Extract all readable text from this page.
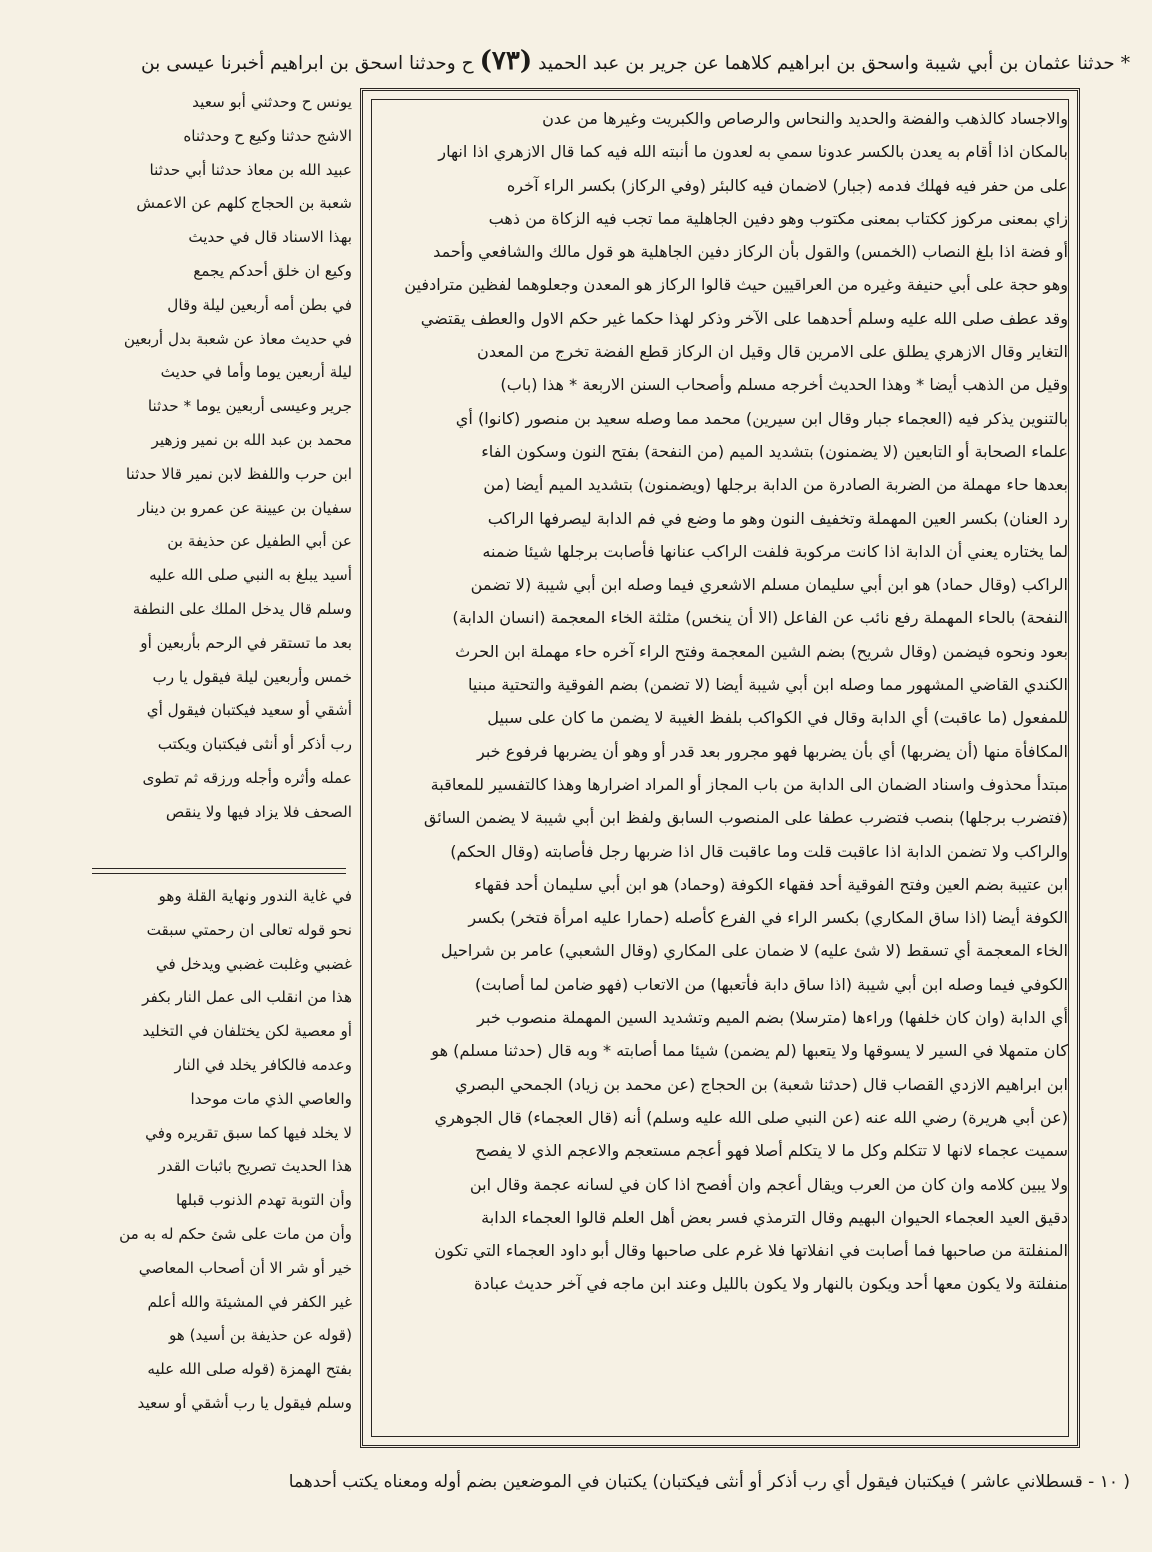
* حدثنا عثمان بن أبي شيبة واسحق بن ابراهيم كلاهما عن جرير بن عبد الحميد (٧٣) ح وحدثنا اسحق بن ابراهيم أخبرنا عيسى بن
والاجساد كالذهب والفضة والحديد والنحاس والرصاص والكبريت وغيرها من عدن
بالمكان اذا أقام به يعدن بالكسر عدونا سمي به لعدون ما أنبته الله فيه كما قال الازهري اذا انهار
على من حفر فيه فهلك فدمه (جبار) لاضمان فيه كالبئر (وفي الركاز) بكسر الراء آخره
زاي بمعنى مركوز ككتاب بمعنى مكتوب وهو دفين الجاهلية مما تجب فيه الزكاة من ذهب
أو فضة اذا بلغ النصاب (الخمس) والقول بأن الركاز دفين الجاهلية هو قول مالك والشافعي وأحمد
وهو حجة على أبي حنيفة وغيره من العراقيين حيث قالوا الركاز هو المعدن وجعلوهما لفظين مترادفين
وقد عطف صلى الله عليه وسلم أحدهما على الآخر وذكر لهذا حكما غير حكم الاول والعطف يقتضي
التغاير وقال الازهري يطلق على الامرين قال وقيل ان الركاز قطع الفضة تخرج من المعدن
وقيل من الذهب أيضا * وهذا الحديث أخرجه مسلم وأصحاب السنن الاربعة * هذا (باب)
بالتنوين يذكر فيه (العجماء جبار وقال ابن سيرين) محمد مما وصله سعيد بن منصور (كانوا) أي
علماء الصحابة أو التابعين (لا يضمنون) بتشديد الميم (من النفحة) بفتح النون وسكون الفاء
بعدها حاء مهملة من الضربة الصادرة من الدابة برجلها (ويضمنون) بتشديد الميم أيضا (من
رد العنان) بكسر العين المهملة وتخفيف النون وهو ما وضع في فم الدابة ليصرفها الراكب
لما يختاره يعني أن الدابة اذا كانت مركوبة فلفت الراكب عنانها فأصابت برجلها شيئا ضمنه
الراكب (وقال حماد) هو ابن أبي سليمان مسلم الاشعري فيما وصله ابن أبي شيبة (لا تضمن
النفحة) بالحاء المهملة رفع نائب عن الفاعل (الا أن ينخس) مثلثة الخاء المعجمة (انسان الدابة)
بعود ونحوه فيضمن (وقال شريح) بضم الشين المعجمة وفتح الراء آخره حاء مهملة ابن الحرث
الكندي القاضي المشهور مما وصله ابن أبي شيبة أيضا (لا تضمن) بضم الفوقية والتحتية مبنيا
للمفعول (ما عاقبت) أي الدابة وقال في الكواكب بلفظ الغيبة لا يضمن ما كان على سبيل
المكافأة منها (أن يضربها) أي بأن يضربها فهو مجرور بعد قدر أو وهو أن يضربها فرفوع خبر
مبتدأ محذوف واسناد الضمان الى الدابة من باب المجاز أو المراد اضرارها وهذا كالتفسير للمعاقبة
(فتضرب برجلها) بنصب فتضرب عطفا على المنصوب السابق ولفظ ابن أبي شيبة لا يضمن السائق
والراكب ولا تضمن الدابة اذا عاقبت قلت وما عاقبت قال اذا ضربها رجل فأصابته (وقال الحكم)
ابن عتيبة بضم العين وفتح الفوقية أحد فقهاء الكوفة (وحماد) هو ابن أبي سليمان أحد فقهاء
الكوفة أيضا (اذا ساق المكاري) بكسر الراء في الفرع كأصله (حمارا عليه امرأة فتخر) بكسر
الخاء المعجمة أي تسقط (لا شئ عليه) لا ضمان على المكاري (وقال الشعبي) عامر بن شراحيل
الكوفي فيما وصله ابن أبي شيبة (اذا ساق دابة فأتعبها) من الاتعاب (فهو ضامن لما أصابت)
أي الدابة (وان كان خلفها) وراءها (مترسلا) بضم الميم وتشديد السين المهملة منصوب خبر
كان متمهلا في السير لا يسوقها ولا يتعبها (لم يضمن) شيئا مما أصابته * وبه قال (حدثنا مسلم) هو
ابن ابراهيم الازدي القصاب قال (حدثنا شعبة) بن الحجاج (عن محمد بن زياد) الجمحي البصري
(عن أبي هريرة) رضي الله عنه (عن النبي صلى الله عليه وسلم) أنه (قال العجماء) قال الجوهري
سميت عجماء لانها لا تتكلم وكل ما لا يتكلم أصلا فهو أعجم مستعجم والاعجم الذي لا يفصح
ولا يبين كلامه وان كان من العرب ويقال أعجم وان أفصح اذا كان في لسانه عجمة وقال ابن
دقيق العيد العجماء الحيوان البهيم وقال الترمذي فسر بعض أهل العلم قالوا العجماء الدابة
المنفلتة من صاحبها فما أصابت في انفلاتها فلا غرم على صاحبها وقال أبو داود العجماء التي تكون
منفلتة ولا يكون معها أحد ويكون بالنهار ولا يكون بالليل وعند ابن ماجه في آخر حديث عبادة
يونس ح وحدثني أبو سعيد
الاشج حدثنا وكيع ح وحدثناه
عبيد الله بن معاذ حدثنا أبي حدثنا
شعبة بن الحجاج كلهم عن الاعمش
بهذا الاسناد قال في حديث
وكيع ان خلق أحدكم يجمع
في بطن أمه أربعين ليلة وقال
في حديث معاذ عن شعبة بدل أربعين
ليلة أربعين يوما وأما في حديث
جرير وعيسى أربعين يوما * حدثنا
محمد بن عبد الله بن نمير وزهير
ابن حرب واللفظ لابن نمير قالا حدثنا
سفيان بن عيينة عن عمرو بن دينار
عن أبي الطفيل عن حذيفة بن
أسيد يبلغ به النبي صلى الله عليه
وسلم قال يدخل الملك على النطفة
بعد ما تستقر في الرحم بأربعين أو
خمس وأربعين ليلة فيقول يا رب
أشقي أو سعيد فيكتبان فيقول أي
رب أذكر أو أنثى فيكتبان ويكتب
عمله وأثره وأجله ورزقه ثم تطوى
الصحف فلا يزاد فيها ولا ينقص
في غاية الندور ونهاية القلة وهو
نحو قوله تعالى ان رحمتي سبقت
غضبي وغلبت غضبي ويدخل في
هذا من انقلب الى عمل النار بكفر
أو معصية لكن يختلفان في التخليد
وعدمه فالكافر يخلد في النار
والعاصي الذي مات موحدا
لا يخلد فيها كما سبق تقريره وفي
هذا الحديث تصريح باثبات القدر
وأن التوبة تهدم الذنوب قبلها
وأن من مات على شئ حكم له به من
خير أو شر الا أن أصحاب المعاصي
غير الكفر في المشيئة والله أعلم
(قوله عن حذيفة بن أسيد) هو
بفتح الهمزة (قوله صلى الله عليه
وسلم فيقول يا رب أشقي أو سعيد
( ١٠ - قسطلاني عاشر ) فيكتبان فيقول أي رب أذكر أو أنثى فيكتبان) يكتبان في الموضعين بضم أوله ومعناه يكتب أحدهما
